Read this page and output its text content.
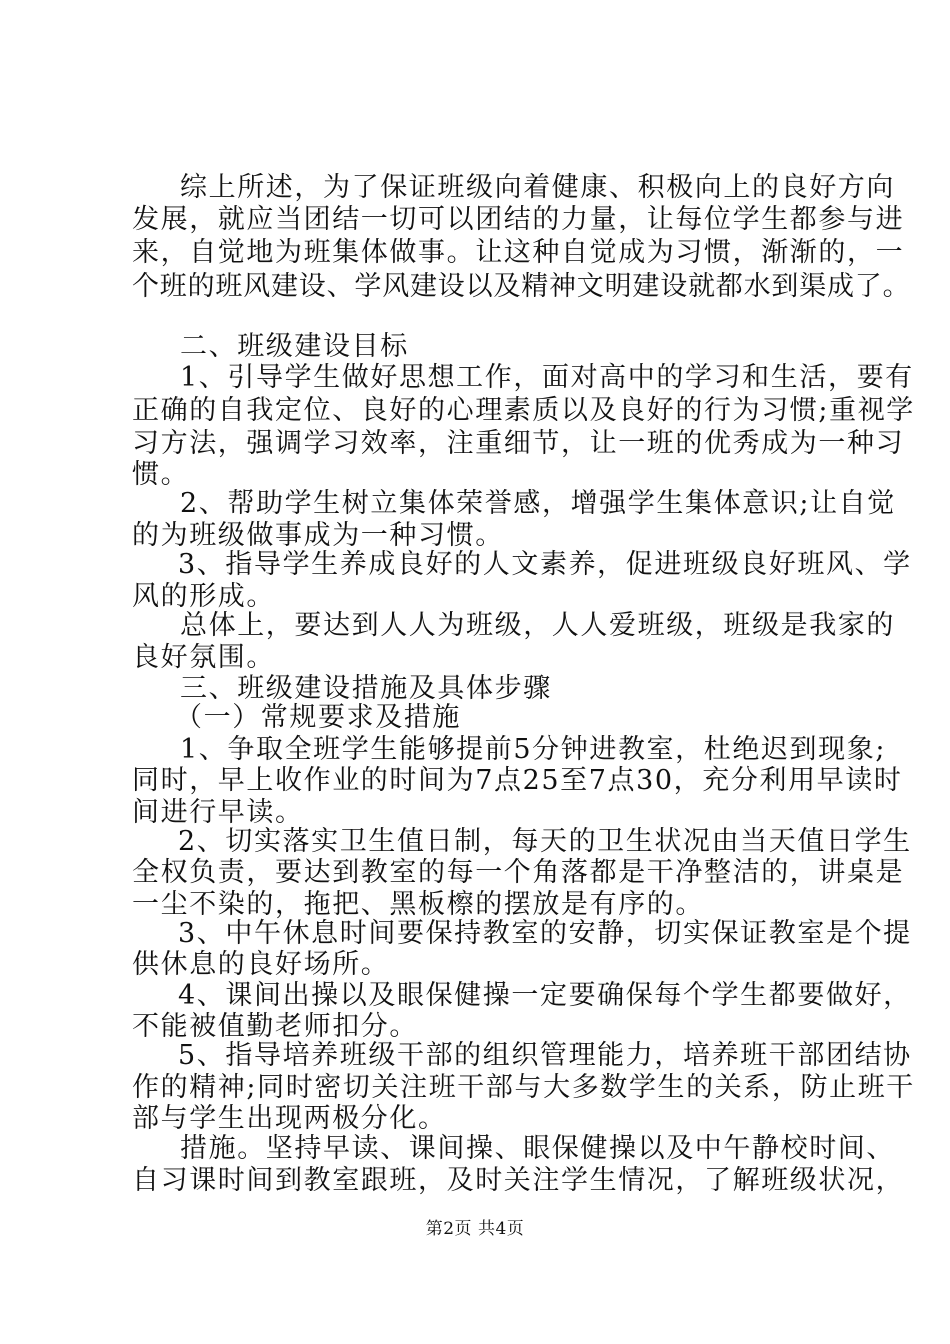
综上所述，为了保证班级向着健康、积极向上的良好方向
发展，就应当团结一切可以团结的力量，让每位学生都参与进
来，自觉地为班集体做事。让这种自觉成为习惯，渐渐的，一
个班的班风建设、学风建设以及精神文明建设就都水到渠成了。
二、班级建设目标
1、引导学生做好思想工作，面对高中的学习和生活，要有
正确的自我定位、良好的心理素质以及良好的行为习惯;重视学
习方法，强调学习效率，注重细节，让一班的优秀成为一种习
惯。
2、帮助学生树立集体荣誉感，增强学生集体意识;让自觉
的为班级做事成为一种习惯。
3、指导学生养成良好的人文素养，促进班级良好班风、学
风的形成。
总体上，要达到人人为班级，人人爱班级，班级是我家的
良好氛围。
三、班级建设措施及具体步骤
（一）常规要求及措施
1、争取全班学生能够提前5分钟进教室，杜绝迟到现象;
同时，早上收作业的时间为7点25至7点30，充分利用早读时
间进行早读。
2、切实落实卫生值日制，每天的卫生状况由当天值日学生
全权负责，要达到教室的每一个角落都是干净整洁的，讲桌是
一尘不染的，拖把、黑板檫的摆放是有序的。
3、中午休息时间要保持教室的安静，切实保证教室是个提
供休息的良好场所。
4、课间出操以及眼保健操一定要确保每个学生都要做好，
不能被值勤老师扣分。
5、指导培养班级干部的组织管理能力，培养班干部团结协
作的精神;同时密切关注班干部与大多数学生的关系，防止班干
部与学生出现两极分化。
措施。坚持早读、课间操、眼保健操以及中午静校时间、
自习课时间到教室跟班，及时关注学生情况，了解班级状况，
第2页 共4页
